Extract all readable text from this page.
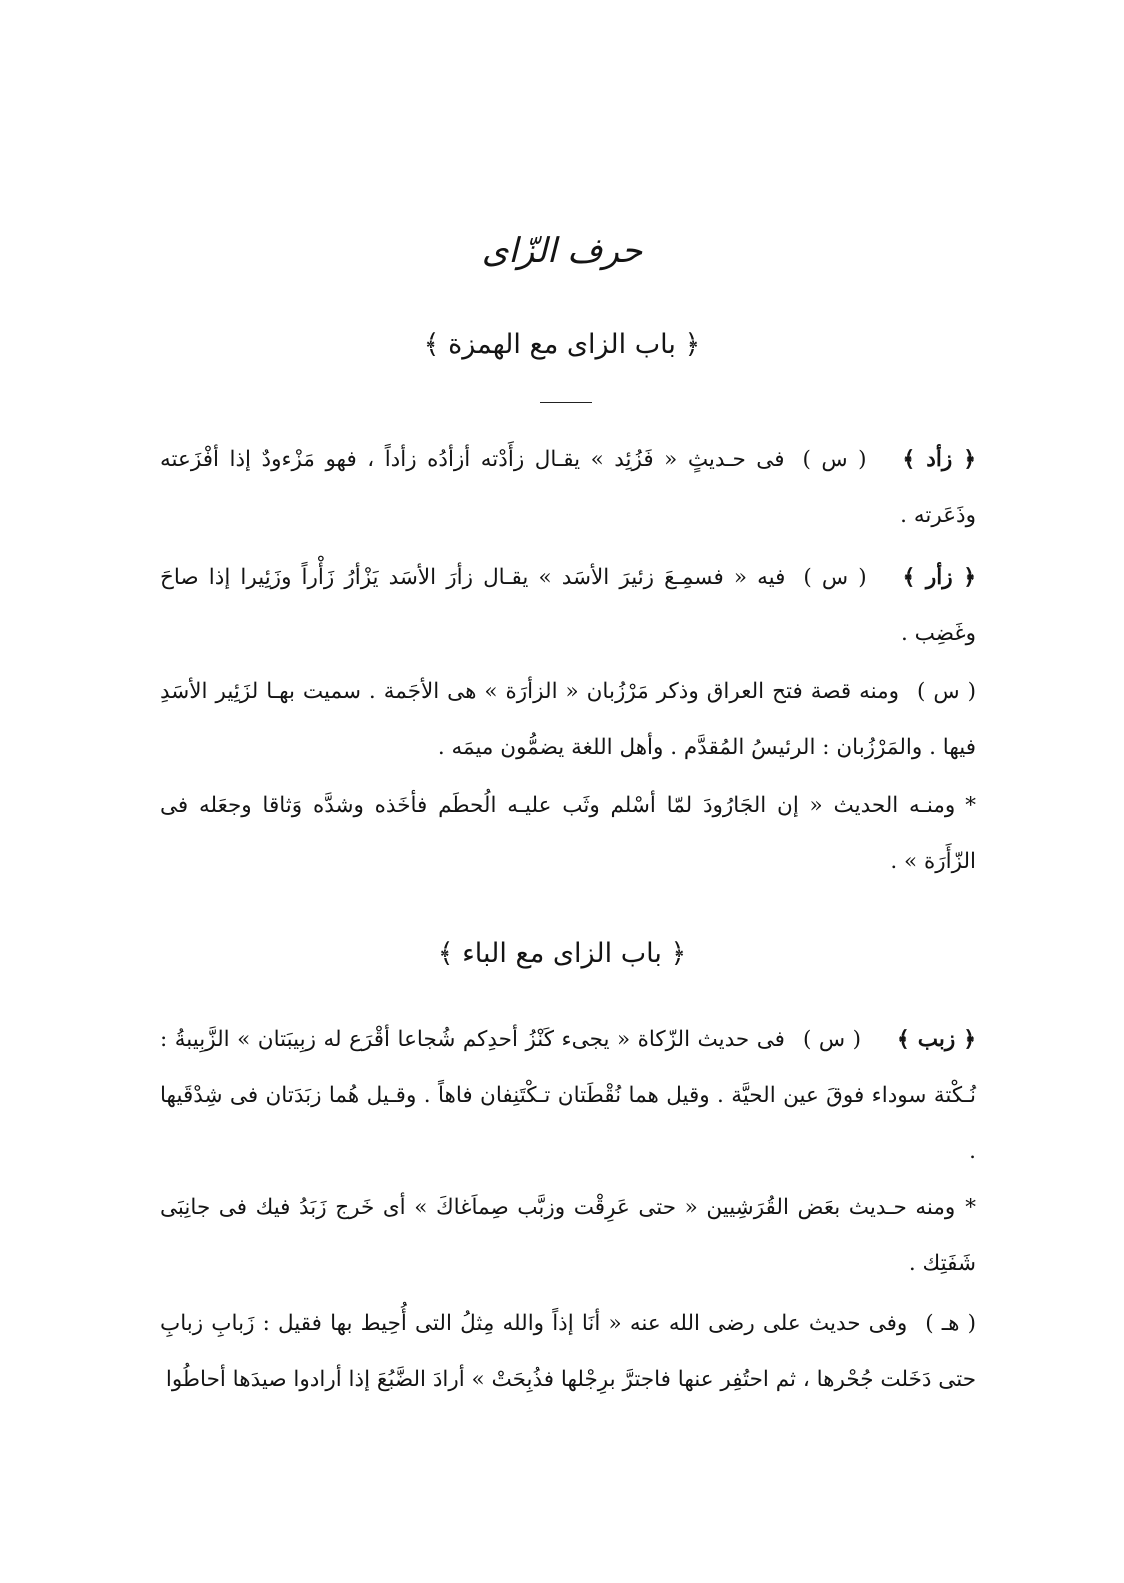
حرف الزّاى
﴿ باب الزاى مع الهمزة ﴾

﴿ زأد ﴾( س )فى حـديثٍ « فَزُئِد » يقـال زأَدْته أزأدُه زأداً ، فهو مَزْءودٌ إذا أفْزَعته وذَعَرته .

﴿ زأر ﴾( س )فيه « فسمِـعَ زئيرَ الأسَد » يقـال زأرَ الأسَد يَزْأرُ زَأْراً وزَئِيرا إذا صاحَ وغَضِب .

( س )ومنه قصة فتح العراق وذكر مَرْزُبان « الزأرَة » هى الأجَمة . سميت بهـا لزَئِير الأسَدِ فيها . والمَرْزُبان : الرئيسُ المُقدَّم . وأهل اللغة يضمُّون ميمَه .

*ومنـه الحديث « إن الجَارُودَ لمّا أسْلم وثَب عليـه الُحطَم فأخَذه وشدَّه وَثاقا وجعَله فى الزّأَرَة » .

﴿ باب الزاى مع الباء ﴾

﴿ زبب ﴾( س )فى حديث الزّكاة « يجىء كَنْزُ أحدِكم شُجاعا أقْرَع له زبِيبَتان » الزَّبِيبةُ : نُـكْتة سوداء فوقَ عين الحيَّة . وقيل هما نُقْطَتان تـكْتَنِفان فاهاً . وقـيل هُما زبَدَتان فى شِدْقَيها .

*ومنه حـديث بعَض القُرَشِيين « حتى عَرِقْت وزبَّب صِماَغاكَ » أى خَرج زَبَدُ فيك فى جانِبَى شَفَتِك .

( هـ )وفى حديث على رضى الله عنه « أنَا إذاً والله مِثلُ التى أُحِيط بها فقيل : زَبابِ زبابِ حتى دَخَلت جُحْرها ، ثم احتُفِر عنها فاجترَّ برِجْلها فذُبِحَتْ » أرادَ الضَّبُعَ إذا أرادوا صيدَها أحاطُوا
